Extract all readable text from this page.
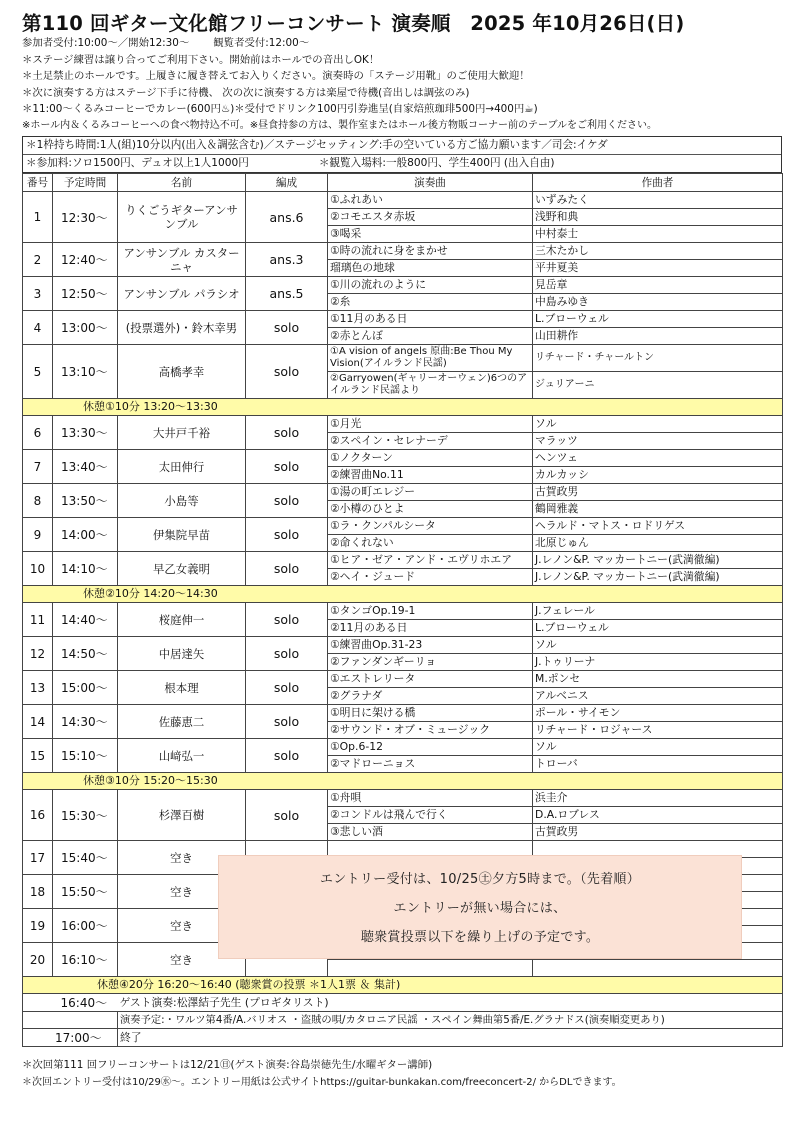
第110 回ギター文化館フリーコンサート 演奏順　2025 年10月26日(日)
参加者受付:10:00～／開始12:30～ 観覧者受付:12:00～
＊ステージ練習は譲り合ってご利用下さい。開始前はホールでの音出しOK！
＊土足禁止のホールです。上履きに履き替えてお入りください。演奏時の「ステージ用靴」のご使用大歓迎！
＊次に演奏する方はステージ下手に待機、 次の次に演奏する方は楽屋で待機(音出しは調弦のみ)
＊11:00～くるみコーヒーでカレー(600円♨)＊受付でドリンク100円引券進呈(自家焙煎珈琲500円→400円☕)
※ホール内＆くるみコーヒーへの食べ物持込不可。※昼食持参の方は、製作室またはホール後方物販コーナー前のテーブルをご利用ください。
＊1枠持ち時間:1人(組)10分以内(出入＆調弦含む)／ステージセッティング:手の空いている方ご協力願います／司会:イケダ
＊参加料:ソロ1500円、デュオ以上1人1000円	＊観覧入場料:一般800円、学生400円 (出入自由)
番号	予定時間	名前	編成	演奏曲	作曲者
1	12:30～	りくごうギターアンサンブル	ans.6	①ふれあい	いずみたく
				②コモエスタ赤坂	浅野和典
				③喝采	中村泰士
2	12:40～	アンサンブル カスターニャ	ans.3	①時の流れに身をまかせ	三木たかし
				瑠璃色の地球	平井夏美
3	12:50～	アンサンブル パラシオ	ans.5	①川の流れのように	見岳章
				②糸	中島みゆき
4	13:00～	(投票選外)・鈴木幸男	solo	①11月のある日	L.ブローウェル
				②赤とんぼ	山田耕作
5	13:10～	高橋孝幸	solo	①A vision of angels 原曲:Be Thou My Vision(アイルランド民謡)	リチャード・チャールトン
				②Garryowen(ギャリーオーウェン)6つのアイルランド民謡より	ジュリアーニ
休憩①10分 13:20～13:30					
6	13:30～	大井戸千裕	solo	①月光	ソル
				②スペイン・セレナーデ	マラッツ
7	13:40～	太田伸行	solo	①ノクターン	ヘンツェ
				②練習曲No.11	カルカッシ
8	13:50～	小島等	solo	①湯の町エレジー	古賀政男
				②小樽のひとよ	鶴岡雅義
9	14:00～	伊集院早苗	solo	①ラ・クンパルシータ	ヘラルド・マトス・ロドリゲス
				②命くれない	北原じゅん
10	14:10～	早乙女義明	solo	①ヒア・ゼア・アンド・エヴリホエア	J.レノン&P. マッカートニー(武満徹編)
				②ヘイ・ジュード	J.レノン&P. マッカートニー(武満徹編)
休憩②10分 14:20～14:30					
11	14:40～	桜庭伸一	solo	①タンゴOp.19-1	J.フェレール
				②11月のある日	L.ブローウェル
12	14:50～	中居達矢	solo	①練習曲Op.31-23	ソル
				②ファンダンギーリョ	J.トゥリーナ
13	15:00～	根本理	solo	①エストレリータ	M.ポンセ
				②グラナダ	アルベニス
14	14:30～	佐藤恵二	solo	①明日に架ける橋	ポール・サイモン
				②サウンド・オブ・ミュージック	リチャード・ロジャース
15	15:10～	山﨑弘一	solo	①Op.6-12	ソル
				②マドローニョス	トローバ
休憩③10分 15:20～15:30					
16	15:30～	杉澤百樹	solo	①舟唄	浜圭介
				②コンドルは飛んで行く	D.A.ロブレス
				③悲しい酒	古賀政男
17	15:40～	空き			

18	15:50～	空き			

19	16:00～	空き			

20	16:10～	空き			

休憩④20分 16:20～16:40 (聴衆賞の投票 ＊1人1票 ＆ 集計)					
	16:40～	ゲスト演奏:松澤結子先生 (プロギタリスト)			
		演奏予定:・ワルツ第4番/A.バリオス ・盗賊の唄/カタロニア民謡 ・スペイン舞曲第5番/E.グラナドス(演奏順変更あり)			
17:00～		終了			
＊次回第111 回フリーコンサートは12/21㊐(ゲスト演奏:谷島崇徳先生/水曜ギター講師)
＊次回エントリー受付は10/29㊌～。エントリー用紙は公式サイトhttps://guitar-bunkakan.com/freeconcert-2/ からDLできます。
エントリー受付は、10/25㊏夕方5時まで。（先着順）
エントリーが無い場合には、
聴衆賞投票以下を繰り上げの予定です。
